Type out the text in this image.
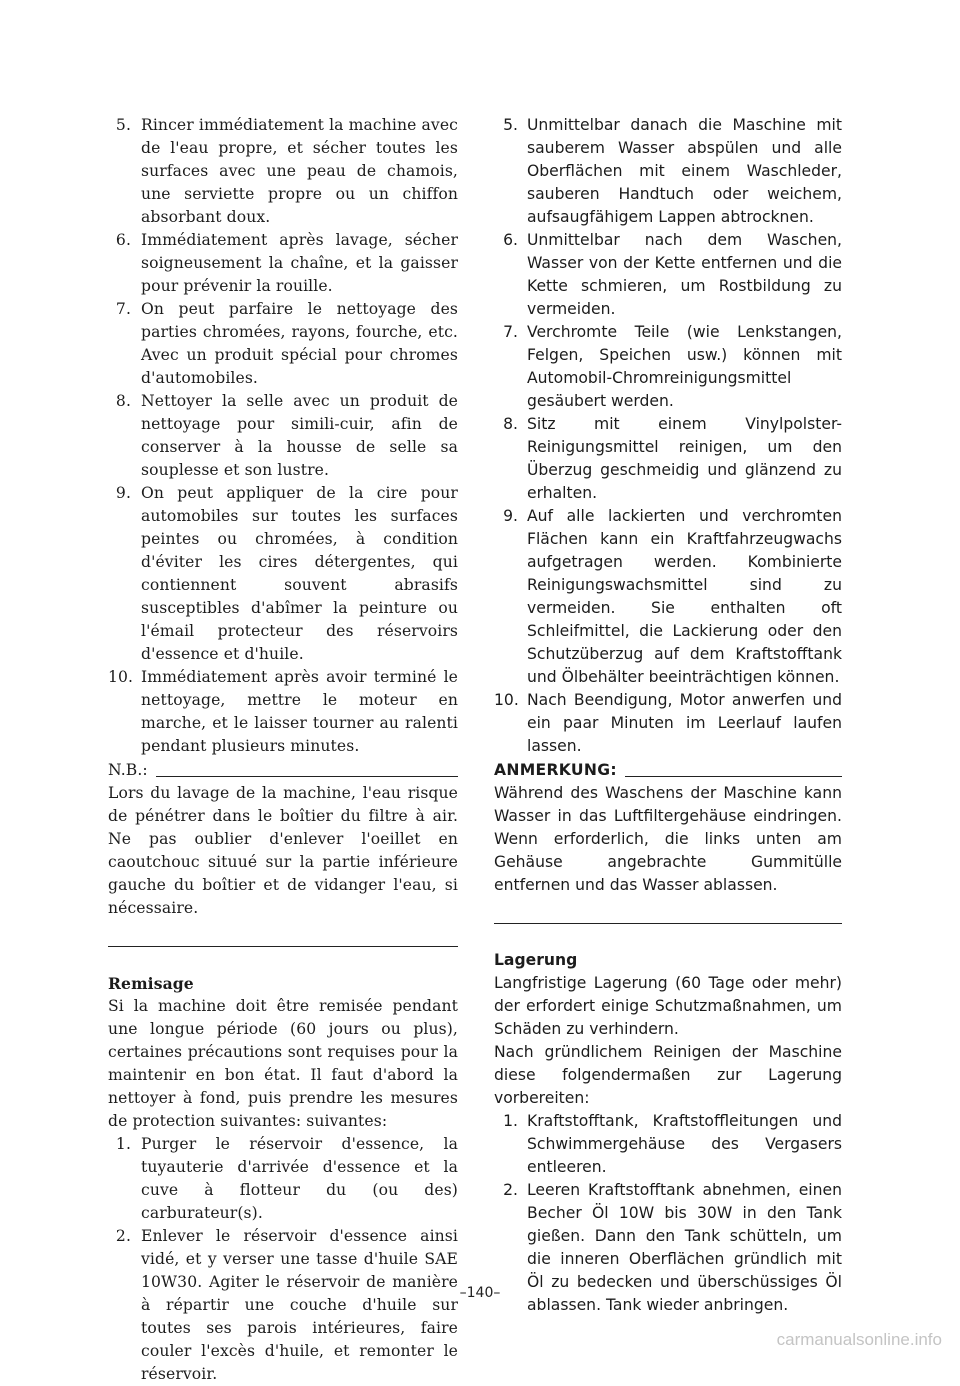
5. Rincer immédiatement la machine avec de l'eau propre, et sécher toutes les surfaces avec une peau de chamois, une serviette propre ou un chiffon absorbant doux.
6. Immédiatement après lavage, sécher soigneusement la chaîne, et la gaisser pour prévenir la rouille.
7. On peut parfaire le nettoyage des parties chromées, rayons, fourche, etc. Avec un produit spécial pour chromes d'automobiles.
8. Nettoyer la selle avec un produit de nettoyage pour simili-cuir, afin de conserver à la housse de selle sa souplesse et son lustre.
9. On peut appliquer de la cire pour automobiles sur toutes les surfaces peintes ou chromées, à condition d'éviter les cires détergentes, qui contiennent souvent abrasifs susceptibles d'abîmer la peinture ou l'émail protecteur des réservoirs d'essence et d'huile.
10. Immédiatement après avoir terminé le nettoyage, mettre le moteur en marche, et le laisser tourner au ralenti pendant plusieurs minutes.
N.B.:

Lors du lavage de la machine, l'eau risque de pénétrer dans le boîtier du filtre à air. Ne pas oublier d'enlever l'oeillet en caoutchouc situué sur la partie inférieure gauche du boîtier et de vidanger l'eau, si nécessaire.

Remisage

Si la machine doit être remisée pendant une longue période (60 jours ou plus), certaines précautions sont requises pour la maintenir en bon état. Il faut d'abord la nettoyer à fond, puis prendre les mesures de protection suivantes: suivantes:

1. Purger le réservoir d'essence, la tuyauterie d'arrivée d'essence et la cuve à flotteur du (ou des) carburateur(s).
2. Enlever le réservoir d'essence ainsi vidé, et y verser une tasse d'huile SAE 10W30. Agiter le réservoir de manière à répartir une couche d'huile sur toutes ses parois intérieures, faire couler l'excès d'huile, et remonter le réservoir.
5. Unmittelbar danach die Maschine mit sauberem Wasser abspülen und alle Oberflächen mit einem Waschleder, sauberen Handtuch oder weichem, aufsaugfähigem Lappen abtrocknen.
6. Unmittelbar nach dem Waschen, Wasser von der Kette entfernen und die Kette schmieren, um Rostbildung zu vermeiden.
7. Verchromte Teile (wie Lenkstangen, Felgen, Speichen usw.) können mit Automobil-Chromreinigungsmittel gesäubert werden.
8. Sitz mit einem Vinylpolster-Reinigungsmittel reinigen, um den Überzug geschmeidig und glänzend zu erhalten.
9. Auf alle lackierten und verchromten Flächen kann ein Kraftfahrzeugwachs aufgetragen werden. Kombinierte Reinigungswachsmittel sind zu vermeiden. Sie enthalten oft Schleifmittel, die Lackierung oder den Schutzüberzug auf dem Kraftstofftank und Ölbehälter beeinträchtigen können.
10. Nach Beendigung, Motor anwerfen und ein paar Minuten im Leerlauf laufen lassen.
ANMERKUNG:

Während des Waschens der Maschine kann Wasser in das Luftfiltergehäuse eindringen. Wenn erforderlich, die links unten am Gehäuse angebrachte Gummitülle entfernen und das Wasser ablassen.

Lagerung

Langfristige Lagerung (60 Tage oder mehr) der erfordert einige Schutzmaßnahmen, um Schäden zu verhindern.

Nach gründlichem Reinigen der Maschine diese folgendermaßen zur Lagerung vorbereiten:

1. Kraftstofftank, Kraftstoffleitungen und Schwimmergehäuse des Vergasers entleeren.
2. Leeren Kraftstofftank abnehmen, einen Becher Öl 10W bis 30W in den Tank gießen. Dann den Tank schütteln, um die inneren Oberflächen gründlich mit Öl zu bedecken und überschüssiges Öl ablassen. Tank wieder anbringen.
–140–
carmanualsonline.info
